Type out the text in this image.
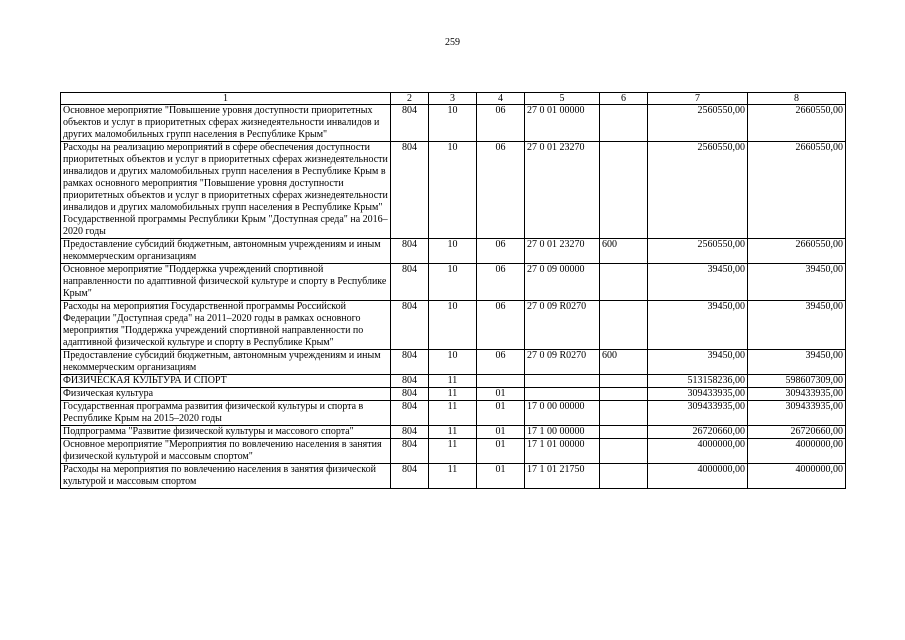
259
1	2	3	4	5	6	7	8
Основное мероприятие "Повышение уровня доступности приоритетных объектов и услуг в приоритетных сферах жизнедеятельности инвалидов и других маломобильных групп населения в Республике Крым"	804	10	06	27 0 01 00000		2560550,00	2660550,00
Расходы на реализацию мероприятий в сфере обеспечения доступности приоритетных объектов и услуг в приоритетных сферах жизнедеятельности инвалидов и других маломобильных групп населения в Республике Крым в рамках основного мероприятия "Повышение уровня доступности приоритетных объектов и услуг в приоритетных сферах жизнедеятельности инвалидов и других маломобильных групп населения в Республике Крым" Государственной программы Республики Крым "Доступная среда" на 2016–2020 годы	804	10	06	27 0 01 23270		2560550,00	2660550,00
Предоставление субсидий бюджетным, автономным учреждениям и иным некоммерческим организациям	804	10	06	27 0 01 23270	600	2560550,00	2660550,00
Основное мероприятие "Поддержка учреждений спортивной направленности по адаптивной физической культуре и спорту в Республике Крым"	804	10	06	27 0 09 00000		39450,00	39450,00
Расходы на мероприятия Государственной программы Российской Федерации "Доступная среда" на 2011–2020 годы в рамках основного мероприятия "Поддержка учреждений спортивной направленности по адаптивной физической культуре и спорту в Республике Крым"	804	10	06	27 0 09 R0270		39450,00	39450,00
Предоставление субсидий бюджетным, автономным учреждениям и иным некоммерческим организациям	804	10	06	27 0 09 R0270	600	39450,00	39450,00
ФИЗИЧЕСКАЯ КУЛЬТУРА И СПОРТ	804	11				513158236,00	598607309,00
Физическая культура	804	11	01			309433935,00	309433935,00
Государственная программа развития физической культуры и спорта в Республике Крым на 2015–2020 годы	804	11	01	17 0 00 00000		309433935,00	309433935,00
Подпрограмма "Развитие физической культуры и массового спорта"	804	11	01	17 1 00 00000		26720660,00	26720660,00
Основное мероприятие "Мероприятия по вовлечению населения в занятия физической культурой и массовым спортом"	804	11	01	17 1 01 00000		4000000,00	4000000,00
Расходы на мероприятия по вовлечению населения в занятия физической культурой и массовым спортом	804	11	01	17 1 01 21750		4000000,00	4000000,00
